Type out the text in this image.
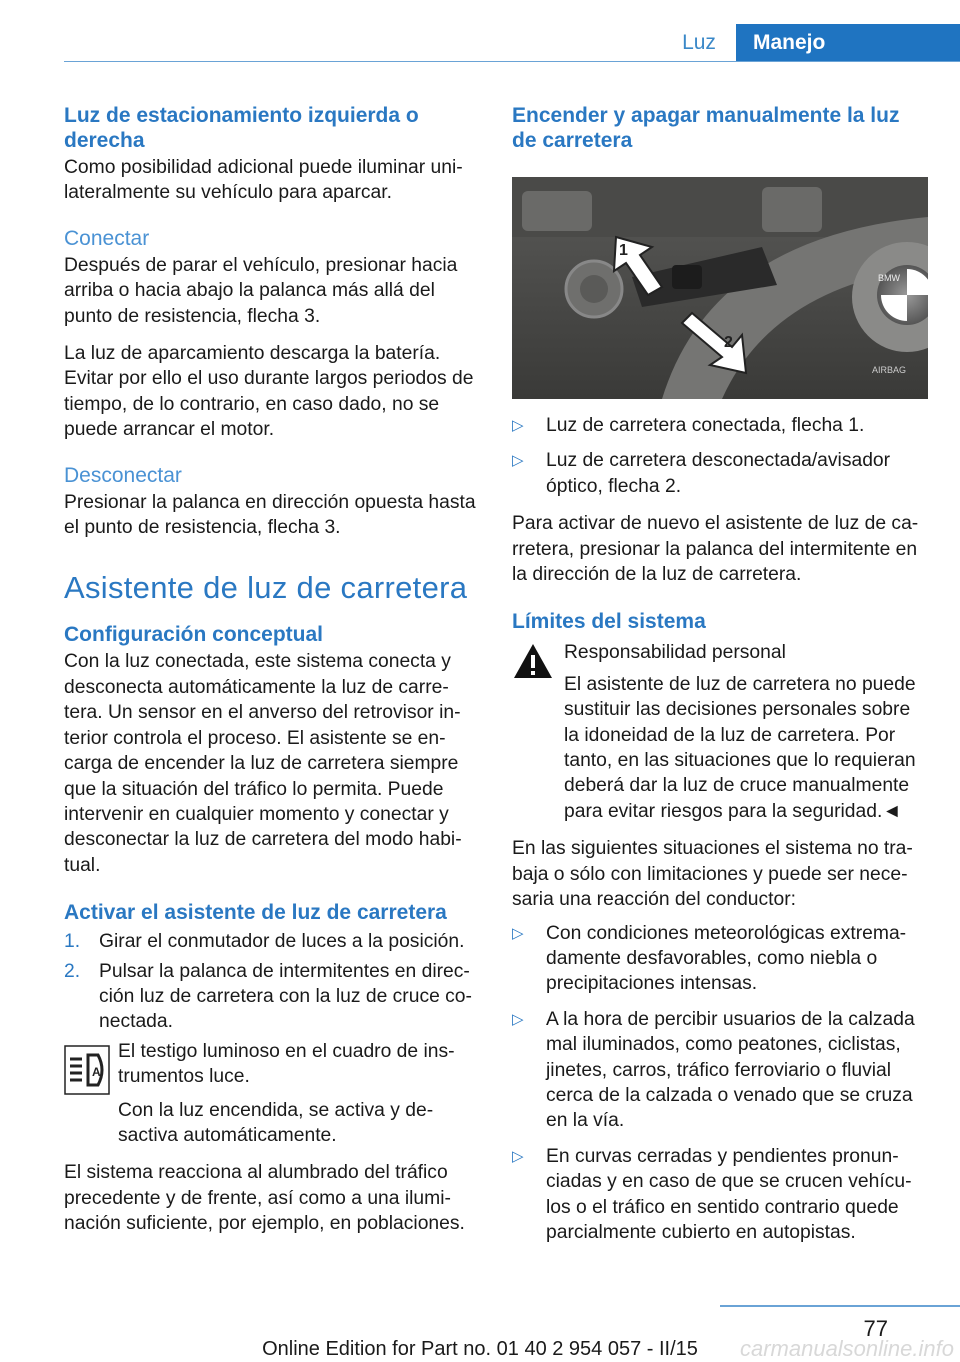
Luz	Manejo
Luz de estacionamiento izquierda o derecha

Como posibilidad adicional puede iluminar unilateralmente su vehículo para aparcar.

Conectar

Después de parar el vehículo, presionar hacia arriba o hacia abajo la palanca más allá del punto de resistencia, flecha 3.

La luz de aparcamiento descarga la batería. Evitar por ello el uso durante largos periodos de tiempo, de lo contrario, en caso dado, no se puede arrancar el motor.

Desconectar

Presionar la palanca en dirección opuesta hasta el punto de resistencia, flecha 3.

Asistente de luz de carretera
Configuración conceptual

Con la luz conectada, este sistema conecta y desconecta automáticamente la luz de carretera. Un sensor en el anverso del retrovisor interior controla el proceso. El asistente se encarga de encender la luz de carretera siempre que la situación del tráfico lo permita. Puede intervenir en cualquier momento y conectar y desconectar la luz de carretera del modo habitual.

Activar el asistente de luz de carretera
1. Girar el conmutador de luces a la posición.
2. Pulsar la palanca de intermitentes en dirección luz de carretera con la luz de cruce conectada.
A

El testigo luminoso en el cuadro de instrumentos luce.

Con la luz encendida, se activa y desactiva automáticamente.

El sistema reacciona al alumbrado del tráfico precedente y de frente, así como a una iluminación suficiente, por ejemplo, en poblaciones.

Encender y apagar manualmente la luz de carretera
BMW
AIRBAG
1
2
▷	Luz de carretera conectada, flecha 1.
▷	Luz de carretera desconectada/avisador óptico, flecha 2.

Para activar de nuevo el asistente de luz de carretera, presionar la palanca del intermitente en la dirección de la luz de carretera.

Límites del sistema

Responsabilidad personal

El asistente de luz de carretera no puede sustituir las decisiones personales sobre la idoneidad de la luz de carretera. Por tanto, en las situaciones que lo requieran deberá dar la luz de cruce manualmente para evitar riesgos para la seguridad.◄

En las siguientes situaciones el sistema no trabaja o sólo con limitaciones y puede ser necesaria una reacción del conductor:

▷	Con condiciones meteorológicas extremadamente desfavorables, como niebla o precipitaciones intensas.
▷	A la hora de percibir usuarios de la calzada mal iluminados, como peatones, ciclistas, jinetes, carros, tráfico ferroviario o fluvial cerca de la calzada o venado que se cruza en la vía.
▷	En curvas cerradas y pendientes pronunciadas y en caso de que se crucen vehículos o el tráfico en sentido contrario quede parcialmente cubierto en autopistas.
77
Online Edition for Part no. 01 40 2 954 057 - II/15	carmanualsonline.info
